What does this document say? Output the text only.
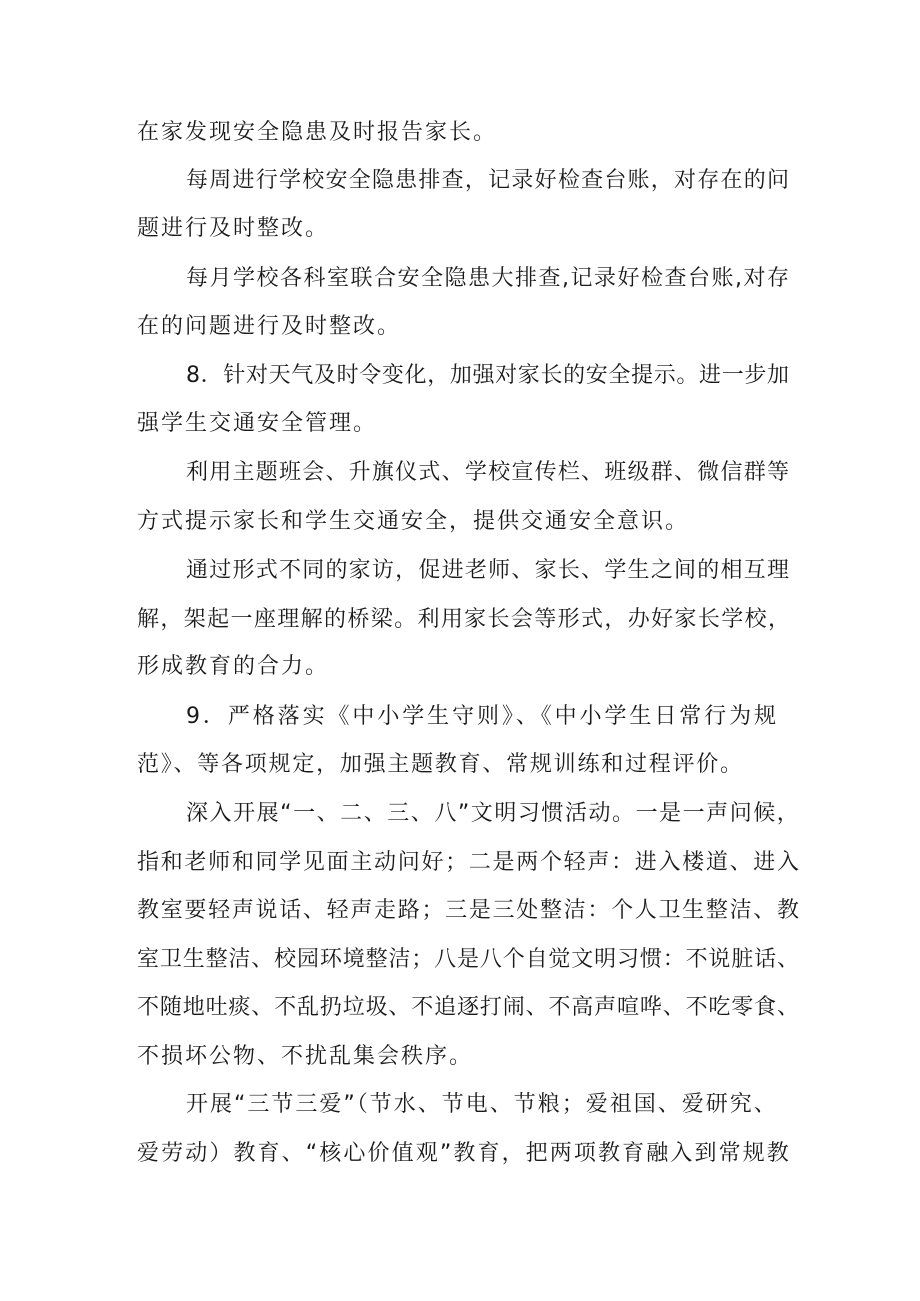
在家发现安全隐患及时报告家长。
每周进行学校安全隐患排查，记录好检查台账，对存在的问
题进行及时整改。
每月学校各科室联合安全隐患大排查,记录好检查台账,对存
在的问题进行及时整改。
8．针对天气及时令变化，加强对家长的安全提示。进一步加
强学生交通安全管理。
利用主题班会、升旗仪式、学校宣传栏、班级群、微信群等
方式提示家长和学生交通安全，提供交通安全意识。
通过形式不同的家访，促进老师、家长、学生之间的相互理
解，架起一座理解的桥梁。利用家长会等形式，办好家长学校，
形成教育的合力。
9．严格落实《中小学生守则》、《中小学生日常行为规
范》、等各项规定，加强主题教育、常规训练和过程评价。
深入开展“一、二、三、八”文明习惯活动。一是一声问候，
指和老师和同学见面主动问好；二是两个轻声：进入楼道、进入
教室要轻声说话、轻声走路；三是三处整洁：个人卫生整洁、教
室卫生整洁、校园环境整洁；八是八个自觉文明习惯：不说脏话、
不随地吐痰、不乱扔垃圾、不追逐打闹、不高声喧哗、不吃零食、
不损坏公物、不扰乱集会秩序。
开展“三节三爱”（节水、节电、节粮；爱祖国、爱研究、
爱劳动）教育、“核心价值观”教育，把两项教育融入到常规教
